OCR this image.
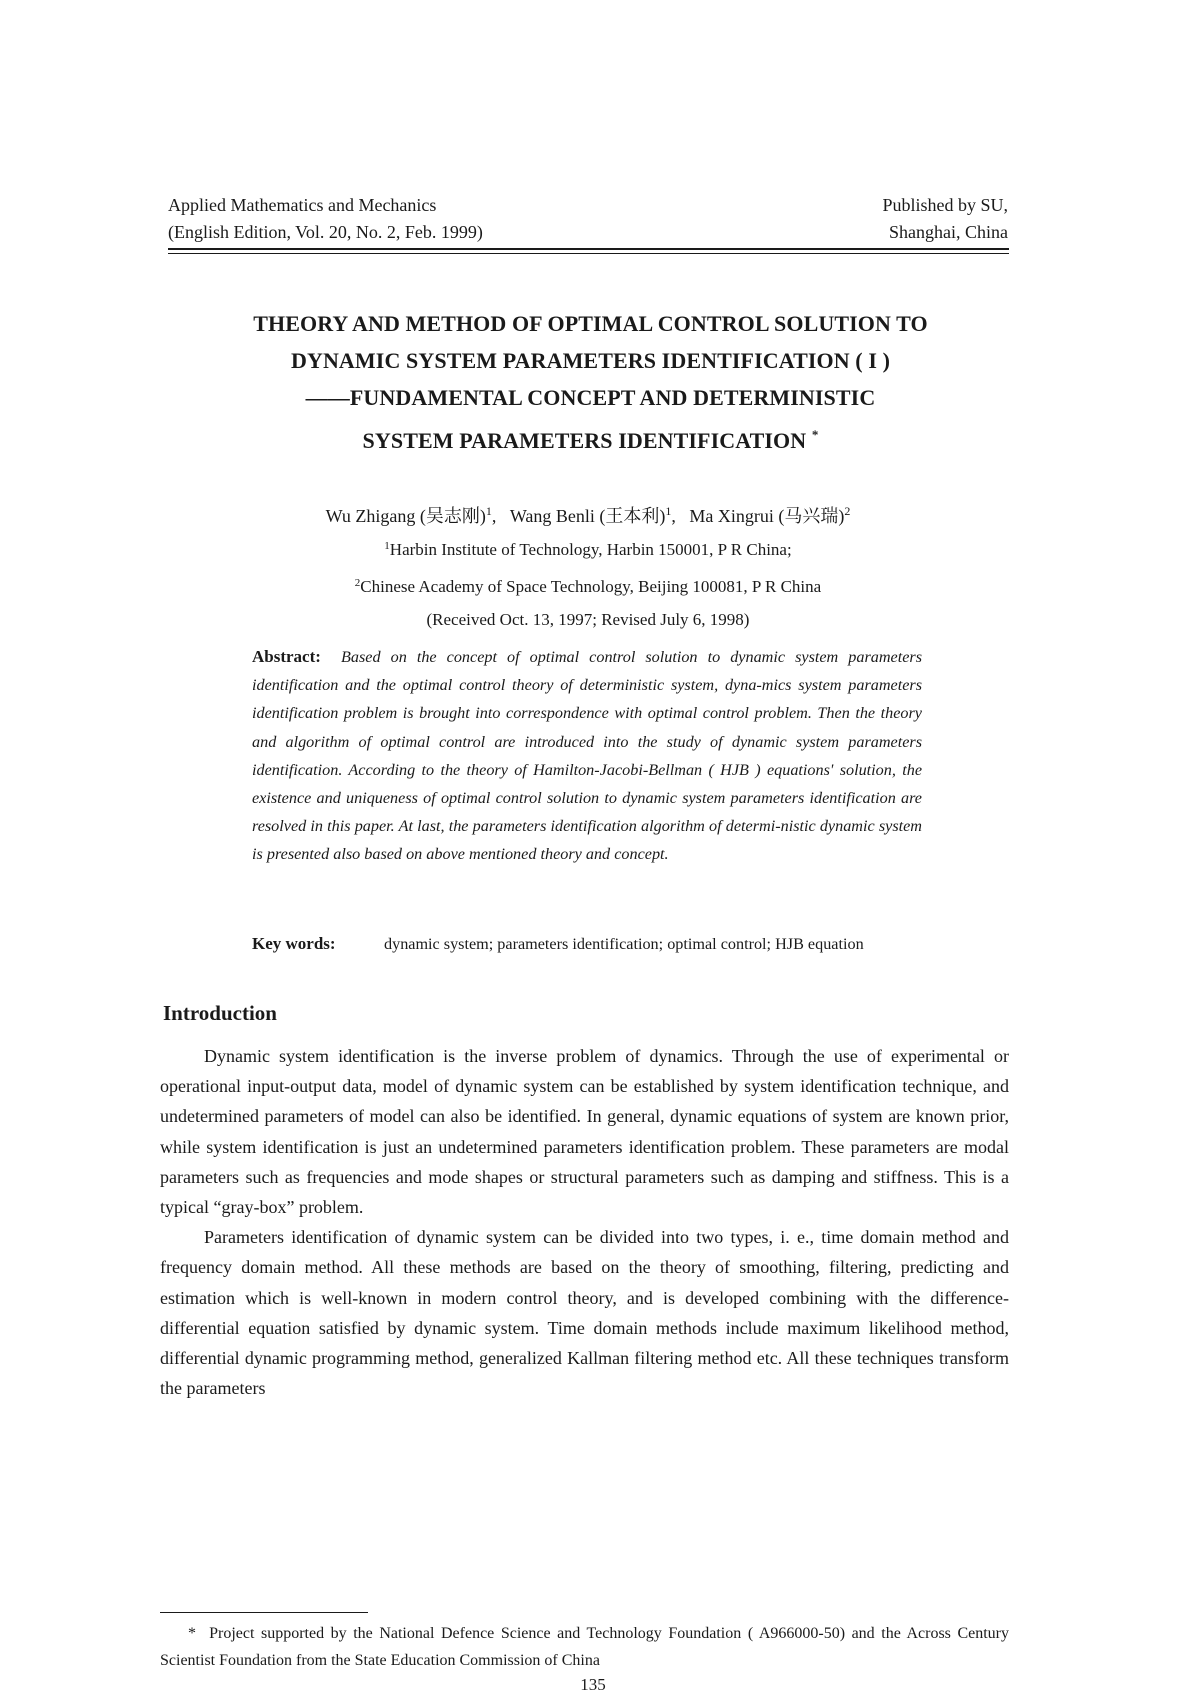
Applied Mathematics and Mechanics
(English Edition, Vol. 20, No. 2, Feb. 1999)
Published by SU,
Shanghai, China
THEORY AND METHOD OF OPTIMAL CONTROL SOLUTION TO
DYNAMIC SYSTEM PARAMETERS IDENTIFICATION ( I )
——FUNDAMENTAL CONCEPT AND DETERMINISTIC
SYSTEM PARAMETERS IDENTIFICATION *
Wu Zhigang (吴志刚)$^1$, Wang Benli (王本利)$^1$, Ma Xingrui (马兴瑞)$^2$
$^1$Harbin Institute of Technology, Harbin 150001, P R China;
$^2$Chinese Academy of Space Technology, Beijing 100081, P R China
(Received Oct. 13, 1997; Revised July 6, 1998)
Abstract: Based on the concept of optimal control solution to dynamic system parameters identification and the optimal control theory of deterministic system, dyna-mics system parameters identification problem is brought into correspondence with optimal control problem. Then the theory and algorithm of optimal control are introduced into the study of dynamic system parameters identification. According to the theory of Hamilton-Jacobi-Bellman ( HJB ) equations' solution, the existence and uniqueness of optimal control solution to dynamic system parameters identification are resolved in this paper. At last, the parameters identification algorithm of determi-nistic dynamic system is presented also based on above mentioned theory and concept.
Key words:	dynamic system; parameters identification; optimal control; HJB equation
Introduction

Dynamic system identification is the inverse problem of dynamics. Through the use of experimental or operational input-output data, model of dynamic system can be established by system identification technique, and undetermined parameters of model can also be identified. In general, dynamic equations of system are known prior, while system identification is just an undetermined parameters identification problem. These parameters are modal parameters such as frequencies and mode shapes or structural parameters such as damping and stiffness. This is a typical “gray-box” problem.

Parameters identification of dynamic system can be divided into two types, i. e., time domain method and frequency domain method. All these methods are based on the theory of smoothing, filtering, predicting and estimation which is well-known in modern control theory, and is developed combining with the difference-differential equation satisfied by dynamic system. Time domain methods include maximum likelihood method, differential dynamic programming method, generalized Kallman filtering method etc. All these techniques transform the parameters

* Project supported by the National Defence Science and Technology Foundation ( A966000-50) and the Across Century Scientist Foundation from the State Education Commission of China
135
